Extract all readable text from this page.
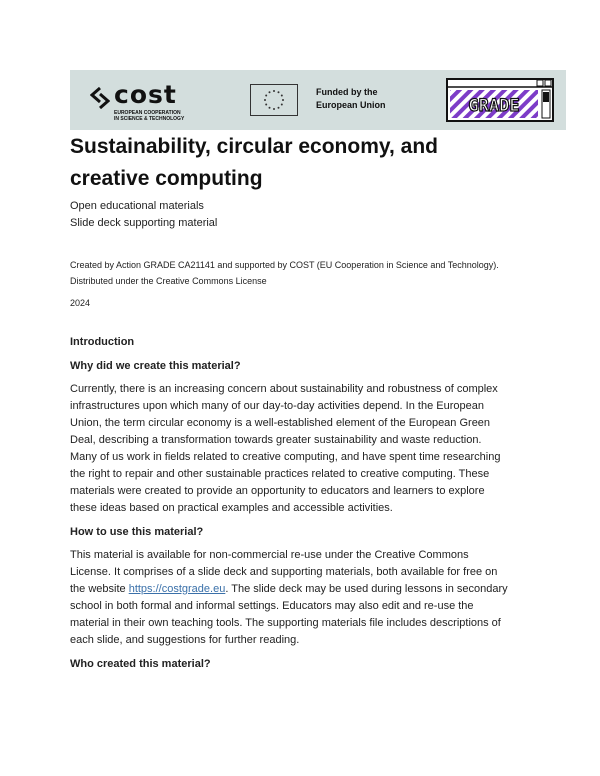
cost
EUROPEAN COOPERATION
IN SCIENCE & TECHNOLOGY
Funded by the
European Union	GRADE
Sustainability, circular economy, and
creative computing

Open educational materials

Slide deck supporting material

Created by Action GRADE CA21141 and supported by COST (EU Cooperation in Science and Technology).

Distributed under the Creative Commons License

2024

Introduction

Why did we create this material?

Currently, there is an increasing concern about sustainability and robustness of complex
infrastructures upon which many of our day-to-day activities depend. In the European
Union, the term circular economy is a well-established element of the European Green
Deal, describing a transformation towards greater sustainability and waste reduction.
Many of us work in fields related to creative computing, and have spent time researching
the right to repair and other sustainable practices related to creative computing. These
materials were created to provide an opportunity to educators and learners to explore
these ideas based on practical examples and accessible activities.

How to use this material?

This material is available for non-commercial re-use under the Creative Commons
License. It comprises of a slide deck and supporting materials, both available for free on
the website https://costgrade.eu. The slide deck may be used during lessons in secondary
school in both formal and informal settings. Educators may also edit and re-use the
material in their own teaching tools. The supporting materials file includes descriptions of
each slide, and suggestions for further reading.

Who created this material?
